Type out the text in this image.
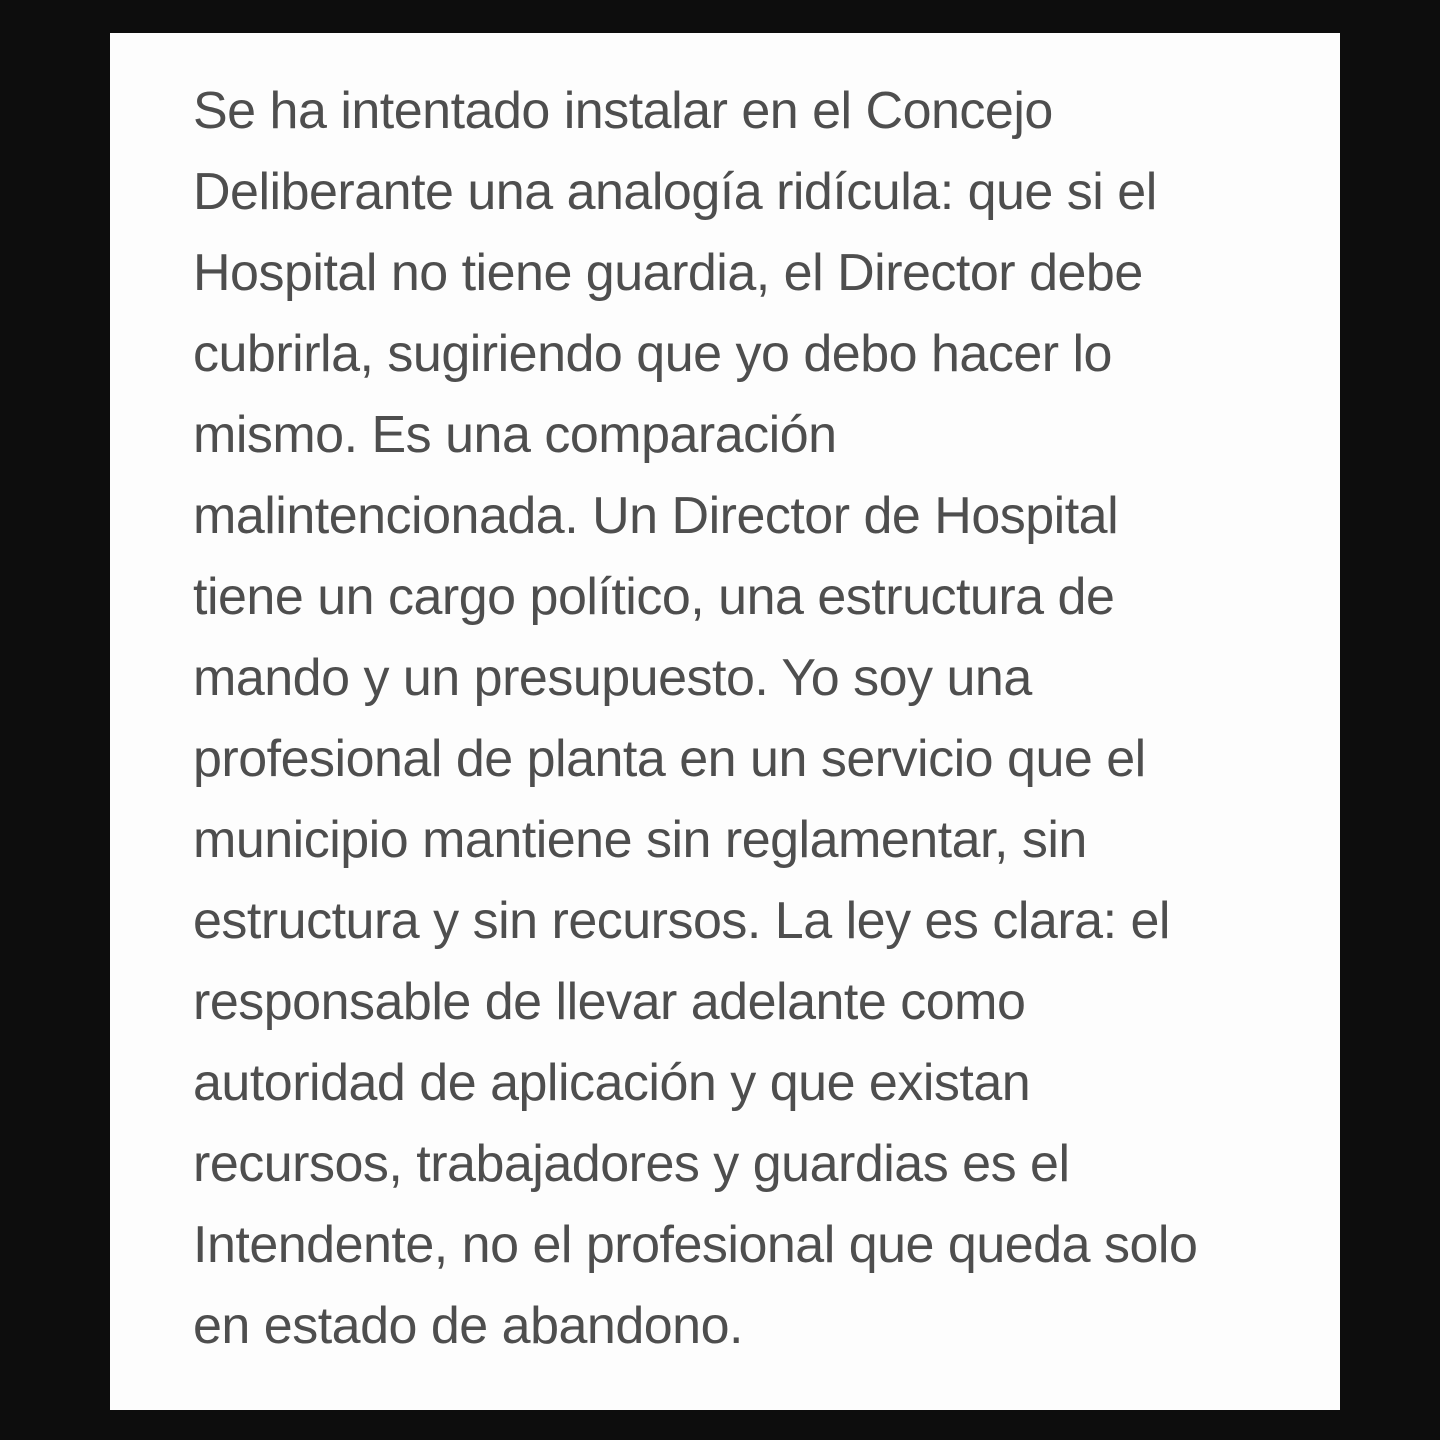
Se ha intentado instalar en el Concejo
Deliberante una analogía ridícula: que si el
Hospital no tiene guardia, el Director debe
cubrirla, sugiriendo que yo debo hacer lo
mismo. Es una comparación
malintencionada. Un Director de Hospital
tiene un cargo político, una estructura de
mando y un presupuesto. Yo soy una
profesional de planta en un servicio que el
municipio mantiene sin reglamentar, sin
estructura y sin recursos. La ley es clara: el
responsable de llevar adelante como
autoridad de aplicación y que existan
recursos, trabajadores y guardias es el
Intendente, no el profesional que queda solo
en estado de abandono.
